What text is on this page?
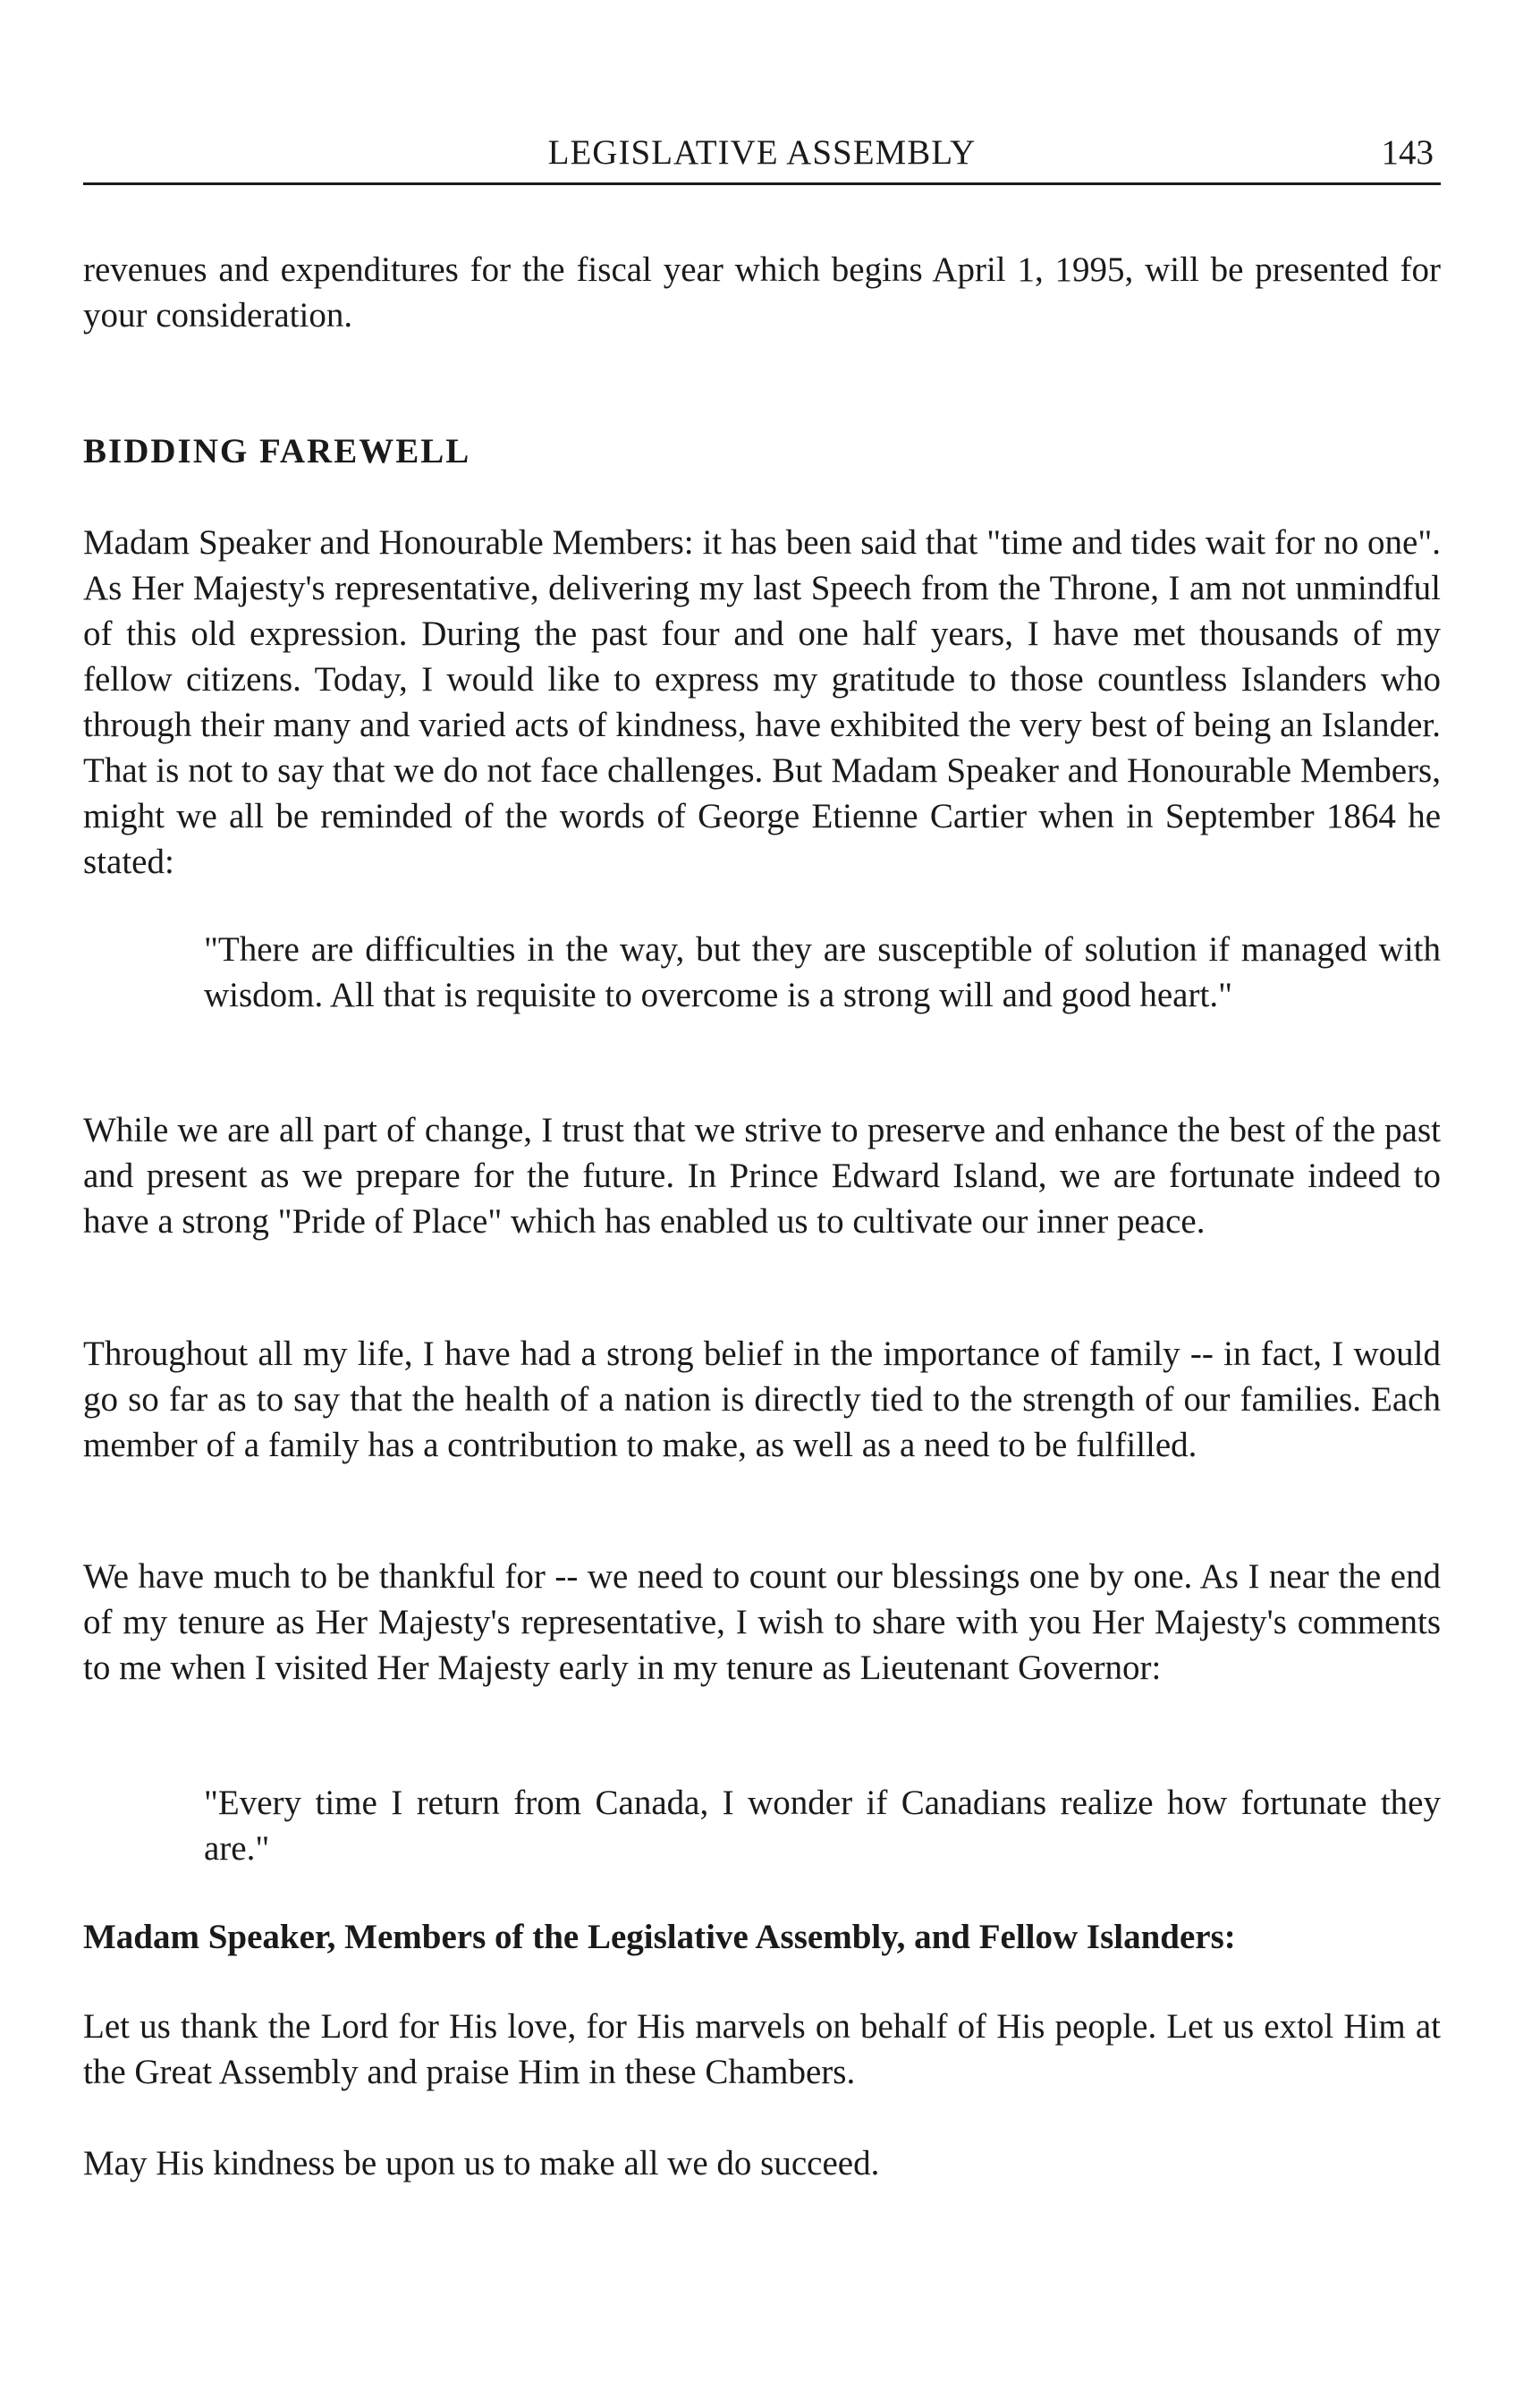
LEGISLATIVE ASSEMBLY	143

revenues and expenditures for the fiscal year which begins April 1, 1995, will be presented for your consideration.

BIDDING FAREWELL

Madam Speaker and Honourable Members: it has been said that "time and tides wait for no one". As Her Majesty's representative, delivering my last Speech from the Throne, I am not unmindful of this old expression. During the past four and one half years, I have met thousands of my fellow citizens. Today, I would like to express my gratitude to those countless Islanders who through their many and varied acts of kindness, have exhibited the very best of being an Islander. That is not to say that we do not face challenges. But Madam Speaker and Honourable Members, might we all be reminded of the words of George Etienne Cartier when in September 1864 he stated:

"There are difficulties in the way, but they are susceptible of solution if managed with wisdom. All that is requisite to overcome is a strong will and good heart."

While we are all part of change, I trust that we strive to preserve and enhance the best of the past and present as we prepare for the future. In Prince Edward Island, we are fortunate indeed to have a strong "Pride of Place" which has enabled us to cultivate our inner peace.

Throughout all my life, I have had a strong belief in the importance of family -- in fact, I would go so far as to say that the health of a nation is directly tied to the strength of our families. Each member of a family has a contribution to make, as well as a need to be fulfilled.

We have much to be thankful for -- we need to count our blessings one by one. As I near the end of my tenure as Her Majesty's representative, I wish to share with you Her Majesty's comments to me when I visited Her Majesty early in my tenure as Lieutenant Governor:

"Every time I return from Canada, I wonder if Canadians realize how fortunate they are."

Madam Speaker, Members of the Legislative Assembly, and Fellow Islanders:

Let us thank the Lord for His love, for His marvels on behalf of His people. Let us extol Him at the Great Assembly and praise Him in these Chambers.

May His kindness be upon us to make all we do succeed.
